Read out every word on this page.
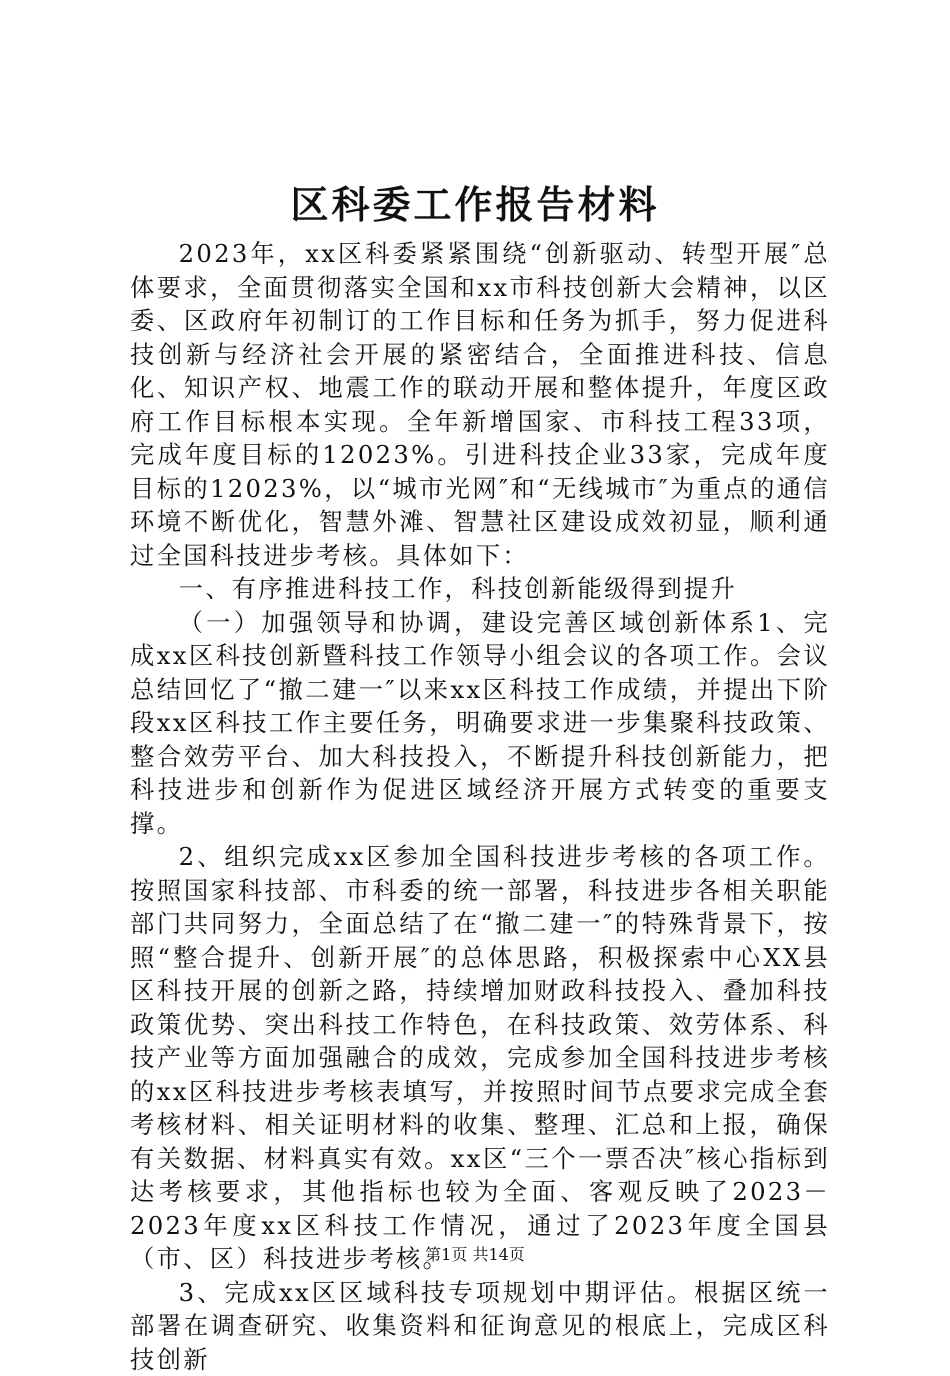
区科委工作报告材料

2023年，xx区科委紧紧围绕“创新驱动、转型开展″总体要求，全面贯彻落实全国和xx市科技创新大会精神，以区委、区政府年初制订的工作目标和任务为抓手，努力促进科技创新与经济社会开展的紧密结合，全面推进科技、信息化、知识产权、地震工作的联动开展和整体提升，年度区政府工作目标根本实现。全年新增国家、市科技工程33项，完成年度目标的12023%。引进科技企业33家，完成年度目标的12023%，以“城市光网″和“无线城市″为重点的通信环境不断优化，智慧外滩、智慧社区建设成效初显，顺利通过全国科技进步考核。具体如下：

一、有序推进科技工作，科技创新能级得到提升

（一）加强领导和协调，建设完善区域创新体系1、完成xx区科技创新暨科技工作领导小组会议的各项工作。会议总结回忆了“撤二建一″以来xx区科技工作成绩，并提出下阶段xx区科技工作主要任务，明确要求进一步集聚科技政策、整合效劳平台、加大科技投入，不断提升科技创新能力，把科技进步和创新作为促进区域经济开展方式转变的重要支撑。

2、组织完成xx区参加全国科技进步考核的各项工作。按照国家科技部、市科委的统一部署，科技进步各相关职能部门共同努力，全面总结了在“撤二建一″的特殊背景下，按照“整合提升、创新开展″的总体思路，积极探索中心XX县区科技开展的创新之路，持续增加财政科技投入、叠加科技政策优势、突出科技工作特色，在科技政策、效劳体系、科技产业等方面加强融合的成效，完成参加全国科技进步考核的xx区科技进步考核表填写，并按照时间节点要求完成全套考核材料、相关证明材料的收集、整理、汇总和上报，确保有关数据、材料真实有效。xx区“三个一票否决″核心指标到达考核要求，其他指标也较为全面、客观反映了2023－2023年度xx区科技工作情况，通过了2023年度全国县（市、区）科技进步考核。

3、完成xx区区域科技专项规划中期评估。根据区统一部署在调查研究、收集资料和征询意见的根底上，完成区科技创新

第1页 共14页
